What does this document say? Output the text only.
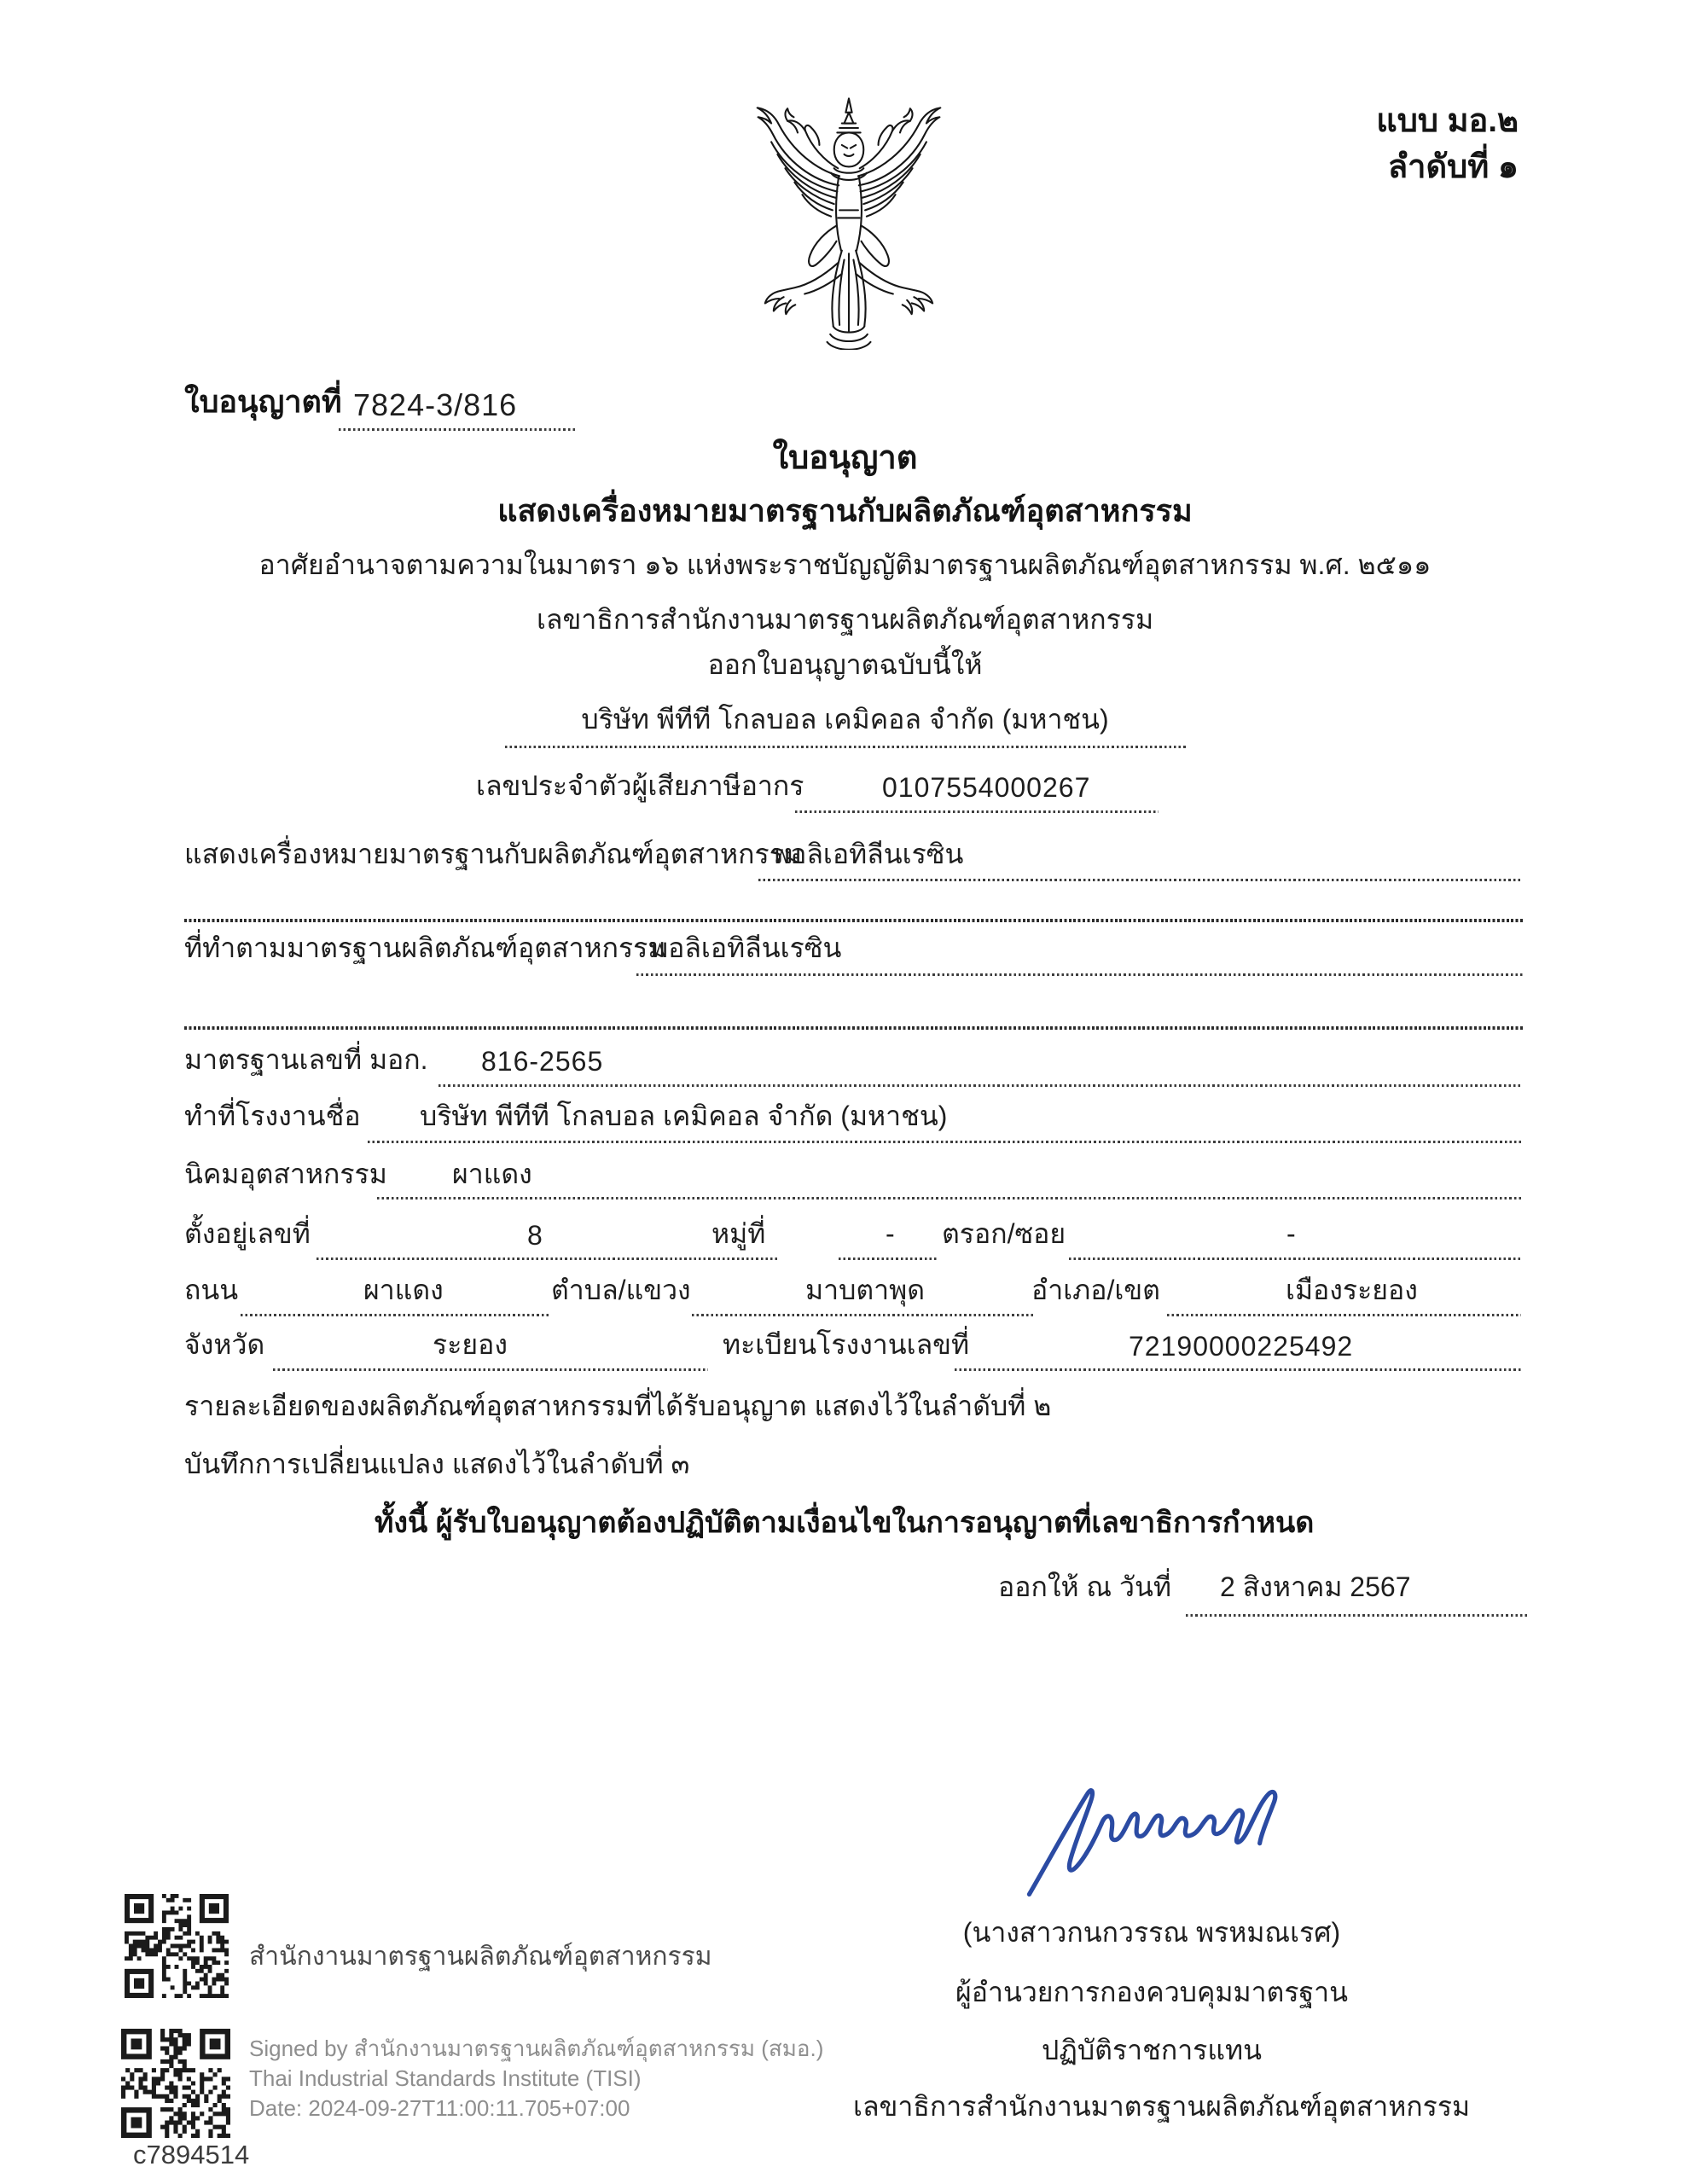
แบบ มอ.๒
ลำดับที่ ๑
ใบอนุญาตที่ 7824-3/816
ใบอนุญาต
แสดงเครื่องหมายมาตรฐานกับผลิตภัณฑ์อุตสาหกรรม
อาศัยอำนาจตามความในมาตรา ๑๖ แห่งพระราชบัญญัติมาตรฐานผลิตภัณฑ์อุตสาหกรรม พ.ศ. ๒๕๑๑
เลขาธิการสำนักงานมาตรฐานผลิตภัณฑ์อุตสาหกรรม
ออกใบอนุญาตฉบับนี้ให้
บริษัท พีทีที โกลบอล เคมิคอล จำกัด (มหาชน)
เลขประจำตัวผู้เสียภาษีอากร	0107554000267
แสดงเครื่องหมายมาตรฐานกับผลิตภัณฑ์อุตสาหกรรม
พอลิเอทิลีนเรซิน
ที่ทำตามมาตรฐานผลิตภัณฑ์อุตสาหกรรม
พอลิเอทิลีนเรซิน
มาตรฐานเลขที่ มอก. 816-2565
ทำที่โรงงานชื่อ บริษัท พีทีที โกลบอล เคมิคอล จำกัด (มหาชน)
นิคมอุตสาหกรรม ผาแดง
ตั้งอยู่เลขที่	8	หมู่ที่	- ตรอก/ซอย	-
ถนน	ผาแดง	ตำบล/แขวง	มาบตาพุด	อำเภอ/เขต	เมืองระยอง
จังหวัด	ระยอง	ทะเบียนโรงงานเลขที่	72190000225492
รายละเอียดของผลิตภัณฑ์อุตสาหกรรมที่ได้รับอนุญาต แสดงไว้ในลำดับที่ ๒
บันทึกการเปลี่ยนแปลง แสดงไว้ในลำดับที่ ๓
ทั้งนี้ ผู้รับใบอนุญาตต้องปฏิบัติตามเงื่อนไขในการอนุญาตที่เลขาธิการกำหนด
ออกให้ ณ วันที่ 2 สิงหาคม 2567
(นางสาวกนกวรรณ พรหมณเรศ)
ผู้อำนวยการกองควบคุมมาตรฐาน
ปฏิบัติราชการแทน
เลขาธิการสำนักงานมาตรฐานผลิตภัณฑ์อุตสาหกรรม
สำนักงานมาตรฐานผลิตภัณฑ์อุตสาหกรรม
Signed by สำนักงานมาตรฐานผลิตภัณฑ์อุตสาหกรรม (สมอ.)
Thai Industrial Standards Institute (TISI)
Date: 2024-09-27T11:00:11.705+07:00
c7894514
